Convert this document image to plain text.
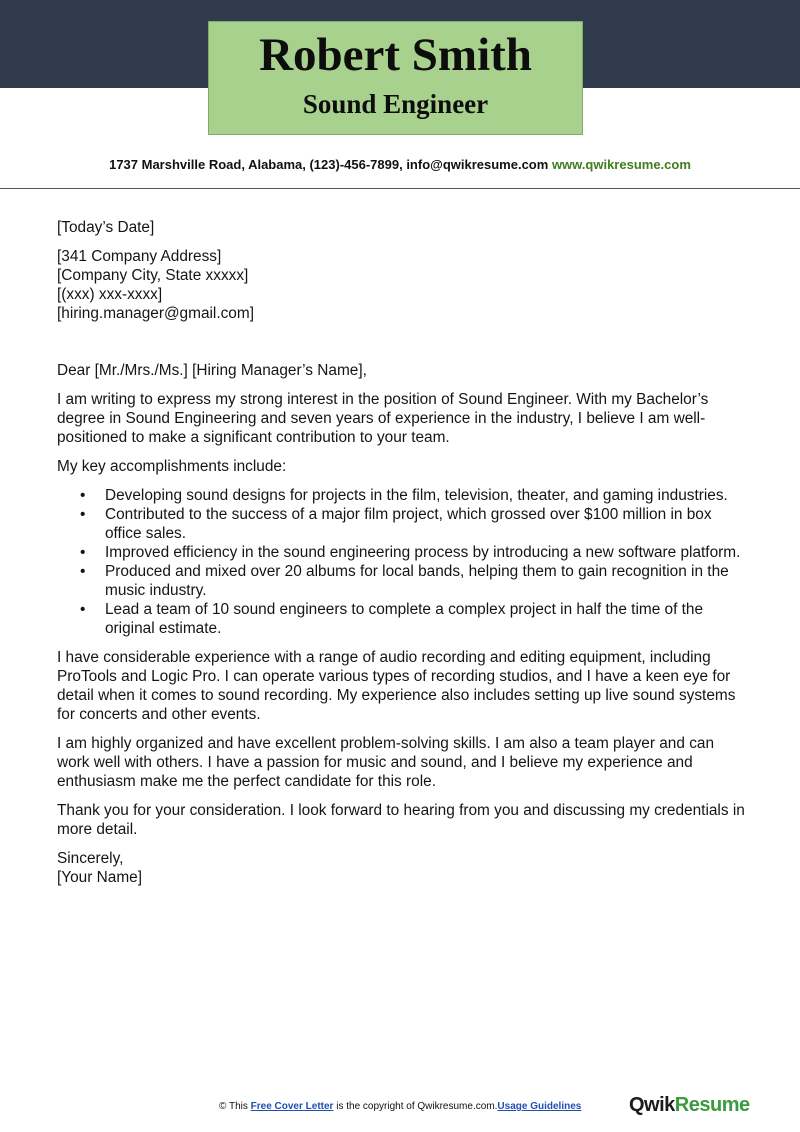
Robert Smith
Sound Engineer
1737 Marshville Road, Alabama, (123)-456-7899, info@qwikresume.com www.qwikresume.com

[Today’s Date]

[341 Company Address]

[Company City, State xxxxx]

[(xxx) xxx-xxxx]

[hiring.manager@gmail.com]

Dear [Mr./Mrs./Ms.] [Hiring Manager’s Name],

I am writing to express my strong interest in the position of Sound Engineer. With my Bachelor’s degree in Sound Engineering and seven years of experience in the industry, I believe I am well-positioned to make a significant contribution to your team.

My key accomplishments include:

• Developing sound designs for projects in the film, television, theater, and gaming industries.
• Contributed to the success of a major film project, which grossed over $100 million in box office sales.
• Improved efficiency in the sound engineering process by introducing a new software platform.
• Produced and mixed over 20 albums for local bands, helping them to gain recognition in the music industry.
• Lead a team of 10 sound engineers to complete a complex project in half the time of the original estimate.

I have considerable experience with a range of audio recording and editing equipment, including ProTools and Logic Pro. I can operate various types of recording studios, and I have a keen eye for detail when it comes to sound recording. My experience also includes setting up live sound systems for concerts and other events.

I am highly organized and have excellent problem-solving skills. I am also a team player and can work well with others. I have a passion for music and sound, and I believe my experience and enthusiasm make me the perfect candidate for this role.

Thank you for your consideration. I look forward to hearing from you and discussing my credentials in more detail.

Sincerely,

[Your Name]

© This Free Cover Letter is the copyright of Qwikresume.com.Usage Guidelines QwikResume
